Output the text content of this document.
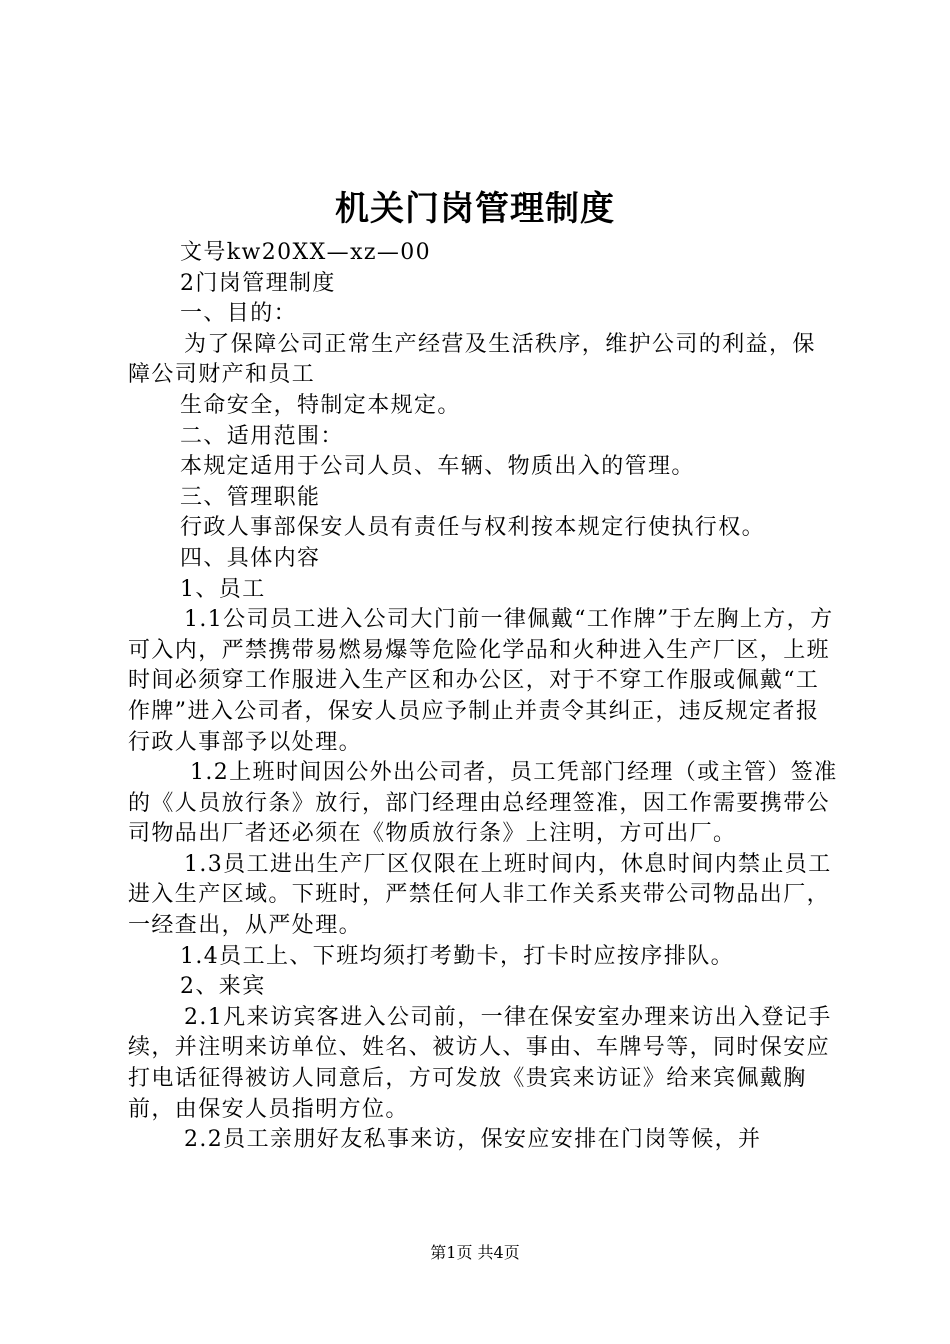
机关门岗管理制度

文号kw20XX—xz—00

2门岗管理制度

一、目的：

为了保障公司正常生产经营及生活秩序，维护公司的利益，保障公司财产和员工

生命安全，特制定本规定。

二、适用范围：

本规定适用于公司人员、车辆、物质出入的管理。

三、管理职能

行政人事部保安人员有责任与权利按本规定行使执行权。

四、具体内容

1、员工

1.1公司员工进入公司大门前一律佩戴“工作牌”于左胸上方，方可入内，严禁携带易燃易爆等危险化学品和火种进入生产厂区，上班时间必须穿工作服进入生产区和办公区，对于不穿工作服或佩戴“工作牌”进入公司者，保安人员应予制止并责令其纠正，违反规定者报行政人事部予以处理。

1.2上班时间因公外出公司者，员工凭部门经理（或主管）签准的《人员放行条》放行，部门经理由总经理签准，因工作需要携带公司物品出厂者还必须在《物质放行条》上注明，方可出厂。

1.3员工进出生产厂区仅限在上班时间内，休息时间内禁止员工进入生产区域。下班时，严禁任何人非工作关系夹带公司物品出厂，一经查出，从严处理。

1.4员工上、下班均须打考勤卡，打卡时应按序排队。

2、来宾

2.1凡来访宾客进入公司前，一律在保安室办理来访出入登记手续，并注明来访单位、姓名、被访人、事由、车牌号等，同时保安应打电话征得被访人同意后，方可发放《贵宾来访证》给来宾佩戴胸前，由保安人员指明方位。

2.2员工亲朋好友私事来访，保安应安排在门岗等候，并

第1页 共4页
